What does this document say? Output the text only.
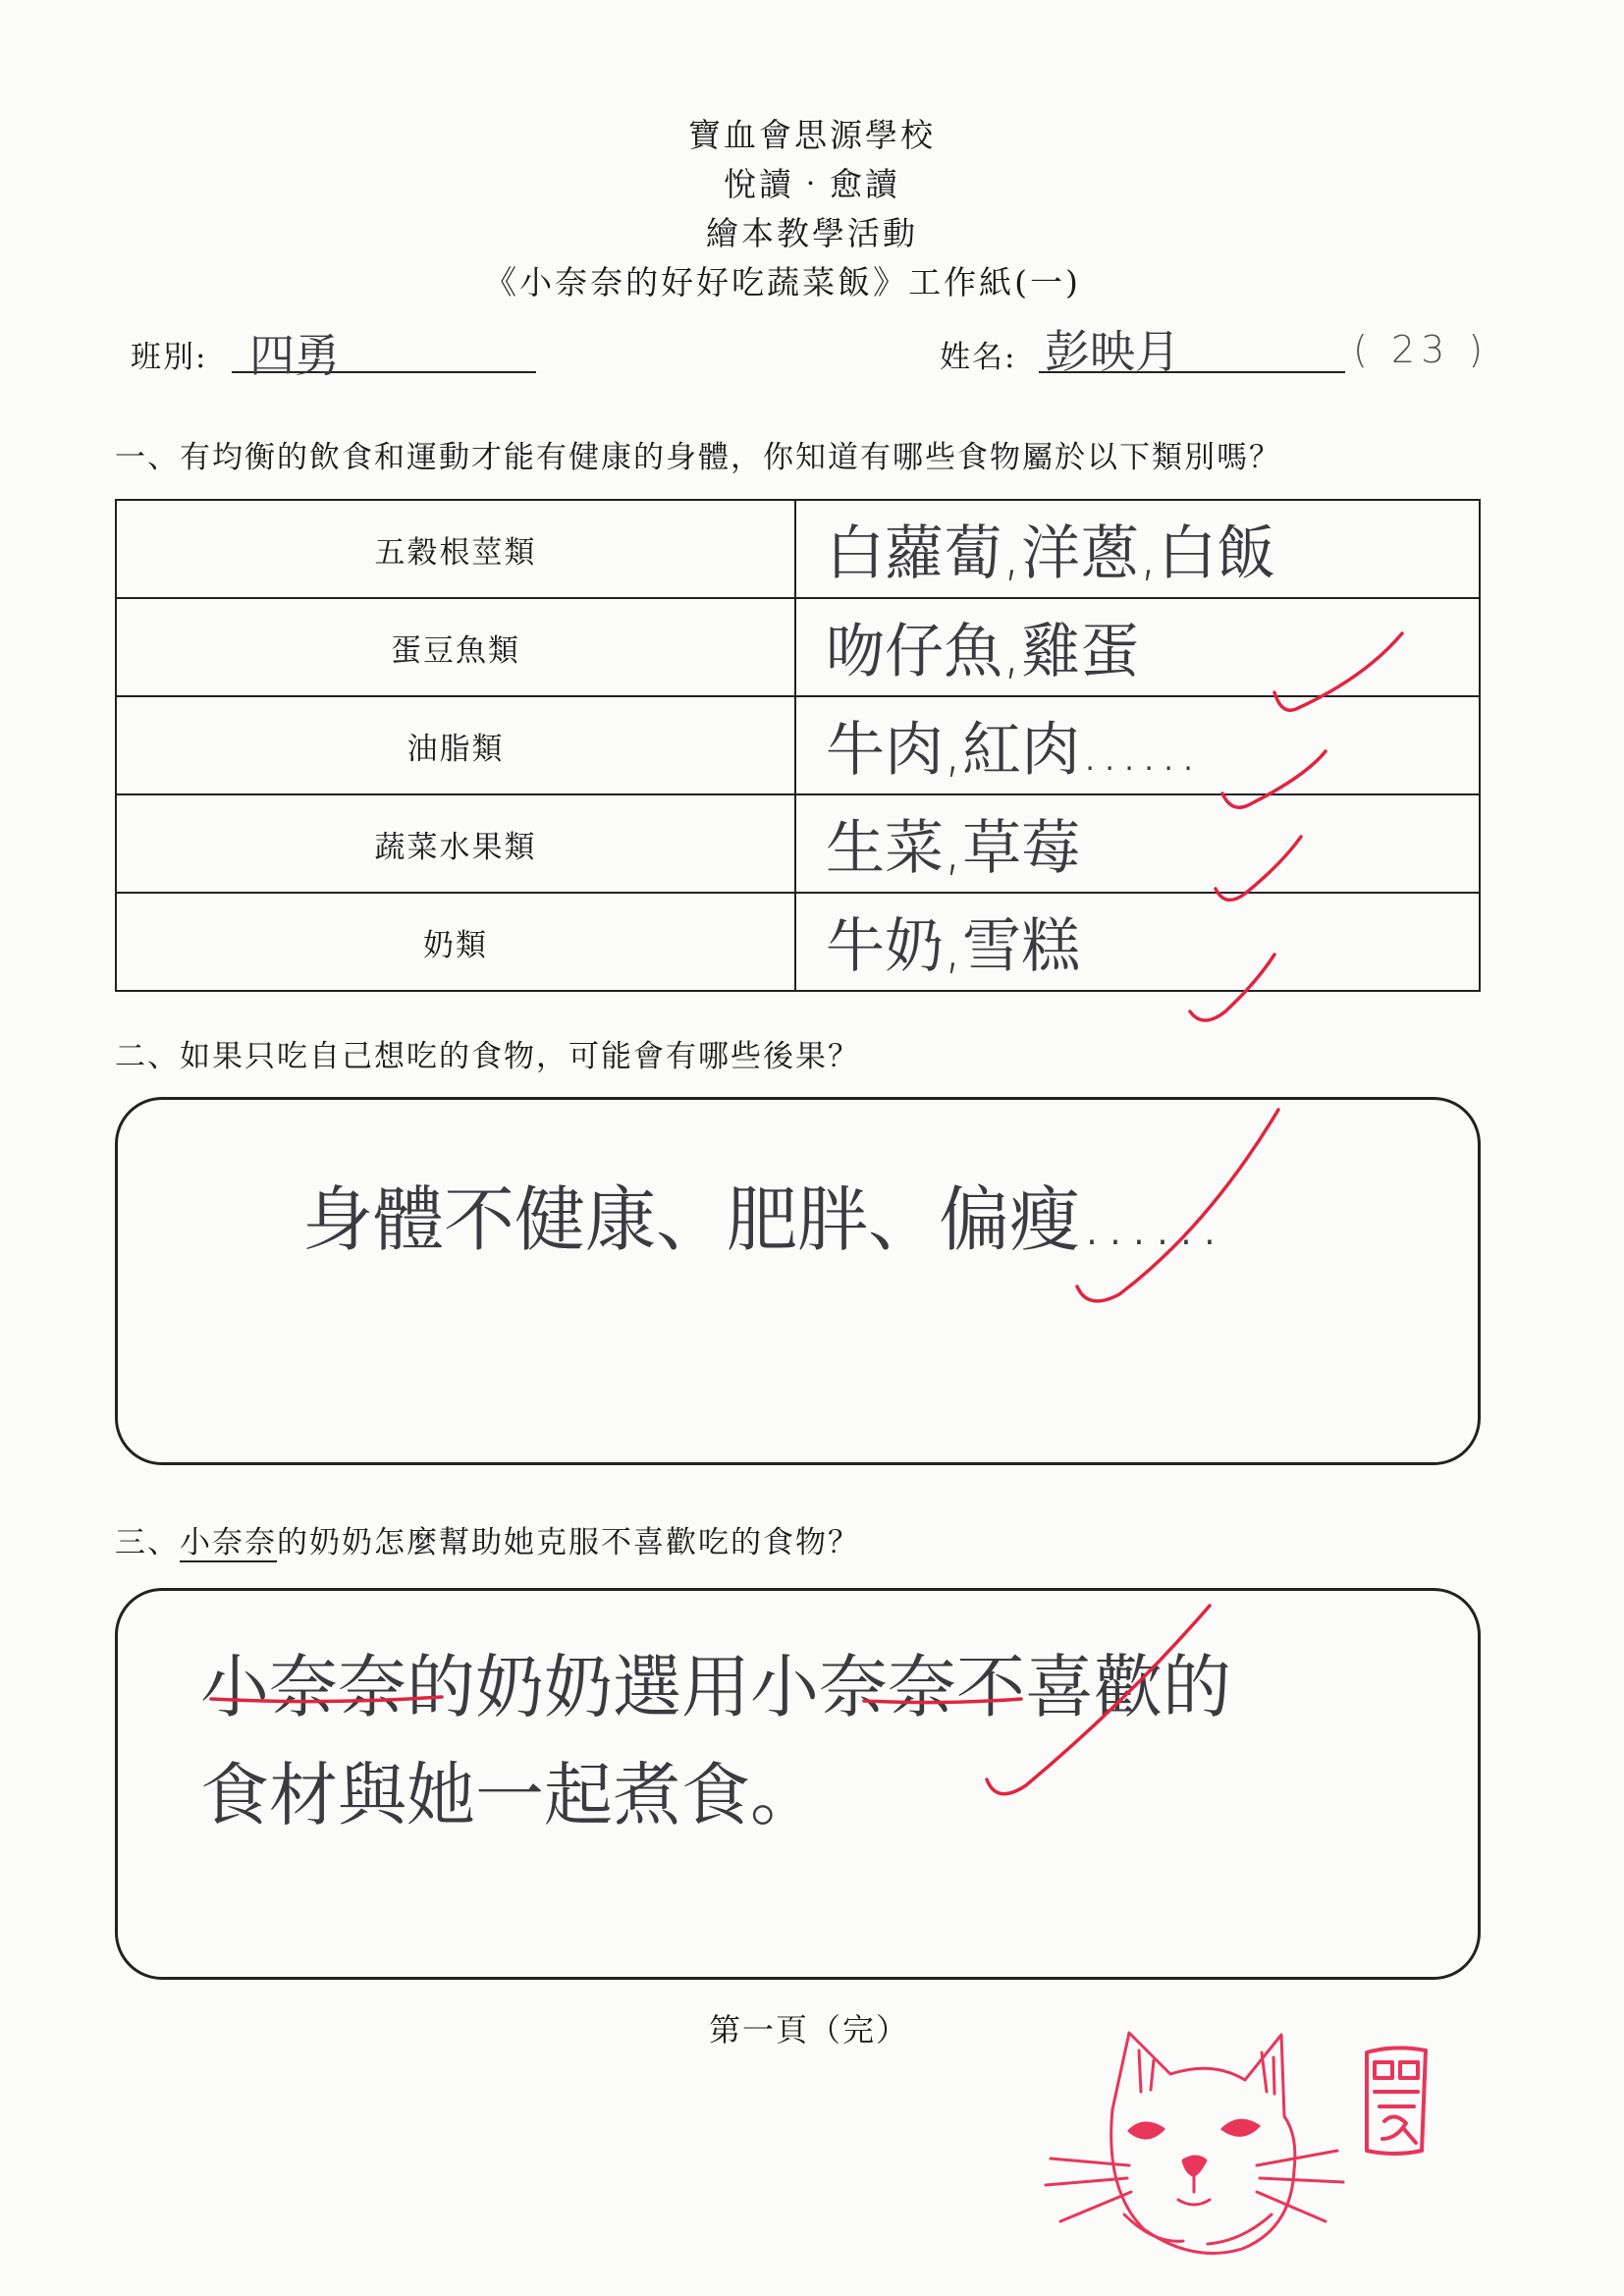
寶血會思源學校
悅讀‧愈讀
繪本教學活動
《小奈奈的好好吃蔬菜飯》工作紙(一)
班別: 四勇	姓名: 彭映月	( 23 )
一、有均衡的飲食和運動才能有健康的身體，你知道有哪些食物屬於以下類別嗎？
五穀根莖類	白蘿蔔,洋蔥,白飯
蛋豆魚類	吻仔魚,雞蛋
油脂類	牛肉,紅肉……
蔬菜水果類	生菜,草莓
奶類	牛奶,雪糕
二、如果只吃自己想吃的食物，可能會有哪些後果？
身體不健康、肥胖、偏瘦……
三、小奈奈的奶奶怎麼幫助她克服不喜歡吃的食物？
小奈奈的奶奶選用小奈奈不喜歡的
食材與她一起煮食。
第一頁（完）
